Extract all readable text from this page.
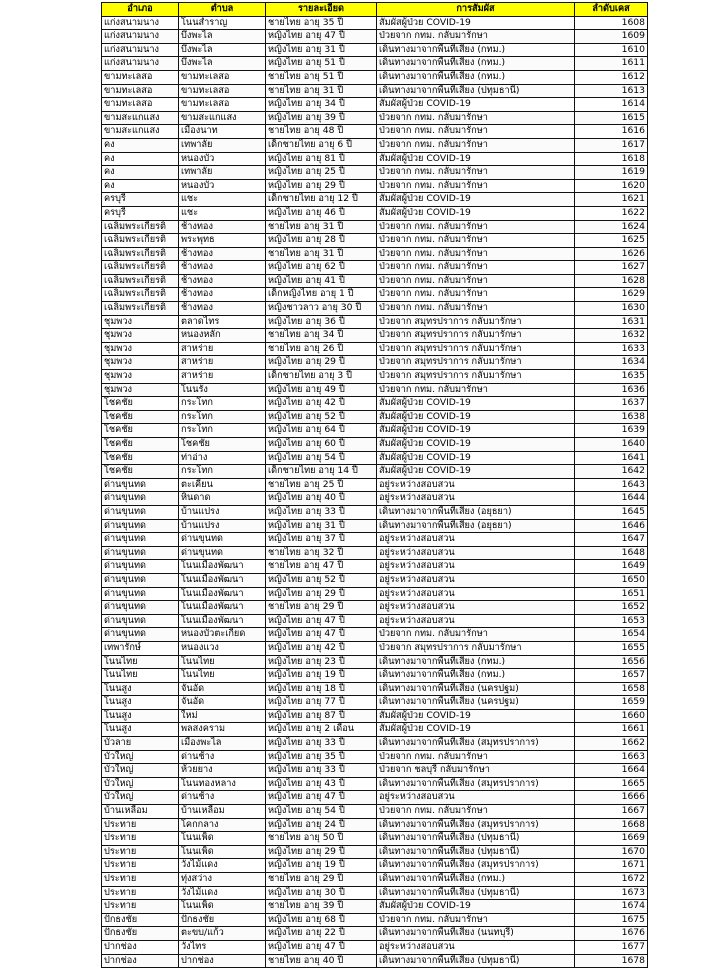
อำเภอ	ตำบล	รายละเอียด	การสัมผัส	ลำดับเคส
แก่งสนามนาง	โนนสำราญ	ชายไทย อายุ 35 ปี	สัมผัสผู้ป่วย COVID-19	1608
แก่งสนามนาง	บึงพะไล	หญิงไทย อายุ 47 ปี	ป่วยจาก กทม. กลับมารักษา	1609
แก่งสนามนาง	บึงพะไล	หญิงไทย อายุ 31 ปี	เดินทางมาจากพื้นที่เสี่ยง (กทม.)	1610
แก่งสนามนาง	บึงพะไล	หญิงไทย อายุ 51 ปี	เดินทางมาจากพื้นที่เสี่ยง (กทม.)	1611
ขามทะเลสอ	ขามทะเลสอ	ชายไทย อายุ 51 ปี	เดินทางมาจากพื้นที่เสี่ยง (กทม.)	1612
ขามทะเลสอ	ขามทะเลสอ	ชายไทย อายุ 31 ปี	เดินทางมาจากพื้นที่เสี่ยง (ปทุมธานี)	1613
ขามทะเลสอ	ขามทะเลสอ	หญิงไทย อายุ 34 ปี	สัมผัสผู้ป่วย COVID-19	1614
ขามสะแกแสง	ขามสะแกแสง	หญิงไทย อายุ 39 ปี	ป่วยจาก กทม. กลับมารักษา	1615
ขามสะแกแสง	เมืองนาท	ชายไทย อายุ 48 ปี	ป่วยจาก กทม. กลับมารักษา	1616
คง	เทพาลัย	เด็กชายไทย อายุ 6 ปี	ป่วยจาก กทม. กลับมารักษา	1617
คง	หนองบัว	หญิงไทย อายุ 81 ปี	สัมผัสผู้ป่วย COVID-19	1618
คง	เทพาลัย	หญิงไทย อายุ 25 ปี	ป่วยจาก กทม. กลับมารักษา	1619
คง	หนองบัว	หญิงไทย อายุ 29 ปี	ป่วยจาก กทม. กลับมารักษา	1620
ครบุรี	แชะ	เด็กชายไทย อายุ 12 ปี	สัมผัสผู้ป่วย COVID-19	1621
ครบุรี	แชะ	หญิงไทย อายุ 46 ปี	สัมผัสผู้ป่วย COVID-19	1622
เฉลิมพระเกียรติ	ช้างทอง	ชายไทย อายุ 31 ปี	ป่วยจาก กทม. กลับมารักษา	1624
เฉลิมพระเกียรติ	พระพุทธ	หญิงไทย อายุ 28 ปี	ป่วยจาก กทม. กลับมารักษา	1625
เฉลิมพระเกียรติ	ช้างทอง	ชายไทย อายุ 31 ปี	ป่วยจาก กทม. กลับมารักษา	1626
เฉลิมพระเกียรติ	ช้างทอง	หญิงไทย อายุ 62 ปี	ป่วยจาก กทม. กลับมารักษา	1627
เฉลิมพระเกียรติ	ช้างทอง	หญิงไทย อายุ 41 ปี	ป่วยจาก กทม. กลับมารักษา	1628
เฉลิมพระเกียรติ	ช้างทอง	เด็กหญิงไทย อายุ 1 ปี	ป่วยจาก กทม. กลับมารักษา	1629
เฉลิมพระเกียรติ	ช้างทอง	หญิงชาวลาว อายุ 30 ปี	ป่วยจาก กทม. กลับมารักษา	1630
ชุมพวง	ตลาดไทร	หญิงไทย อายุ 36 ปี	ป่วยจาก สมุทรปราการ กลับมารักษา	1631
ชุมพวง	หนองหลัก	ชายไทย อายุ 34 ปี	ป่วยจาก สมุทรปราการ กลับมารักษา	1632
ชุมพวง	สาหร่าย	ชายไทย อายุ 26 ปี	ป่วยจาก สมุทรปราการ กลับมารักษา	1633
ชุมพวง	สาหร่าย	หญิงไทย อายุ 29 ปี	ป่วยจาก สมุทรปราการ กลับมารักษา	1634
ชุมพวง	สาหร่าย	เด็กชายไทย อายุ 3 ปี	ป่วยจาก สมุทรปราการ กลับมารักษา	1635
ชุมพวง	โนนรัง	หญิงไทย อายุ 49 ปี	ป่วยจาก กทม. กลับมารักษา	1636
โชคชัย	กระโทก	หญิงไทย อายุ 42 ปี	สัมผัสผู้ป่วย COVID-19	1637
โชคชัย	กระโทก	หญิงไทย อายุ 52 ปี	สัมผัสผู้ป่วย COVID-19	1638
โชคชัย	กระโทก	หญิงไทย อายุ 64 ปี	สัมผัสผู้ป่วย COVID-19	1639
โชคชัย	โชคชัย	หญิงไทย อายุ 60 ปี	สัมผัสผู้ป่วย COVID-19	1640
โชคชัย	ท่าอ่าง	หญิงไทย อายุ 54 ปี	สัมผัสผู้ป่วย COVID-19	1641
โชคชัย	กระโทก	เด็กชายไทย อายุ 14 ปี	สัมผัสผู้ป่วย COVID-19	1642
ด่านขุนทด	ตะเคียน	ชายไทย อายุ 25 ปี	อยู่ระหว่างสอบสวน	1643
ด่านขุนทด	หินดาด	หญิงไทย อายุ 40 ปี	อยู่ระหว่างสอบสวน	1644
ด่านขุนทด	บ้านแปรง	หญิงไทย อายุ 33 ปี	เดินทางมาจากพื้นที่เสี่ยง (อยุธยา)	1645
ด่านขุนทด	บ้านแปรง	หญิงไทย อายุ 31 ปี	เดินทางมาจากพื้นที่เสี่ยง (อยุธยา)	1646
ด่านขุนทด	ด่านขุนทด	หญิงไทย อายุ 37 ปี	อยู่ระหว่างสอบสวน	1647
ด่านขุนทด	ด่านขุนทด	ชายไทย อายุ 32 ปี	อยู่ระหว่างสอบสวน	1648
ด่านขุนทด	โนนเมืองพัฒนา	ชายไทย อายุ 47 ปี	อยู่ระหว่างสอบสวน	1649
ด่านขุนทด	โนนเมืองพัฒนา	หญิงไทย อายุ 52 ปี	อยู่ระหว่างสอบสวน	1650
ด่านขุนทด	โนนเมืองพัฒนา	หญิงไทย อายุ 29 ปี	อยู่ระหว่างสอบสวน	1651
ด่านขุนทด	โนนเมืองพัฒนา	ชายไทย อายุ 29 ปี	อยู่ระหว่างสอบสวน	1652
ด่านขุนทด	โนนเมืองพัฒนา	หญิงไทย อายุ 47 ปี	อยู่ระหว่างสอบสวน	1653
ด่านขุนทด	หนองบัวตะเกียด	หญิงไทย อายุ 47 ปี	ป่วยจาก กทม. กลับมารักษา	1654
เทพารักษ์	หนองแวง	หญิงไทย อายุ 42 ปี	ป่วยจาก สมุทรปราการ กลับมารักษา	1655
โนนไทย	โนนไทย	หญิงไทย อายุ 23 ปี	เดินทางมาจากพื้นที่เสี่ยง (กทม.)	1656
โนนไทย	โนนไทย	หญิงไทย อายุ 19 ปี	เดินทางมาจากพื้นที่เสี่ยง (กทม.)	1657
โนนสูง	จันอัด	หญิงไทย อายุ 18 ปี	เดินทางมาจากพื้นที่เสี่ยง (นครปฐม)	1658
โนนสูง	จันอัด	หญิงไทย อายุ 77 ปี	เดินทางมาจากพื้นที่เสี่ยง (นครปฐม)	1659
โนนสูง	ใหม่	หญิงไทย อายุ 87 ปี	สัมผัสผู้ป่วย COVID-19	1660
โนนสูง	พลสงคราม	หญิงไทย อายุ 2 เดือน	สัมผัสผู้ป่วย COVID-19	1661
บัวลาย	เมืองพะไล	หญิงไทย อายุ 33 ปี	เดินทางมาจากพื้นที่เสี่ยง (สมุทรปราการ)	1662
บัวใหญ่	ด่านช้าง	หญิงไทย อายุ 35 ปี	ป่วยจาก กทม. กลับมารักษา	1663
บัวใหญ่	ห้วยยาง	หญิงไทย อายุ 33 ปี	ป่วยจาก ชลบุรี กลับมารักษา	1664
บัวใหญ่	โนนทองหลาง	หญิงไทย อายุ 43 ปี	เดินทางมาจากพื้นที่เสี่ยง (สมุทรปราการ)	1665
บัวใหญ่	ด่านช้าง	หญิงไทย อายุ 47 ปี	อยู่ระหว่างสอบสวน	1666
บ้านเหลื่อม	บ้านเหลื่อม	หญิงไทย อายุ 54 ปี	ป่วยจาก กทม. กลับมารักษา	1667
ประทาย	โคกกลาง	หญิงไทย อายุ 24 ปี	เดินทางมาจากพื้นที่เสี่ยง (สมุทรปราการ)	1668
ประทาย	โนนเพ็ด	ชายไทย อายุ 50 ปี	เดินทางมาจากพื้นที่เสี่ยง (ปทุมธานี)	1669
ประทาย	โนนเพ็ด	หญิงไทย อายุ 29 ปี	เดินทางมาจากพื้นที่เสี่ยง (ปทุมธานี)	1670
ประทาย	วังไม้แดง	หญิงไทย อายุ 19 ปี	เดินทางมาจากพื้นที่เสี่ยง (สมุทรปราการ)	1671
ประทาย	ทุ่งสว่าง	ชายไทย อายุ 29 ปี	เดินทางมาจากพื้นที่เสี่ยง (กทม.)	1672
ประทาย	วังไม้แดง	หญิงไทย อายุ 30 ปี	เดินทางมาจากพื้นที่เสี่ยง (ปทุมธานี)	1673
ประทาย	โนนเพ็ด	ชายไทย อายุ 39 ปี	สัมผัสผู้ป่วย COVID-19	1674
ปักธงชัย	ปักธงชัย	หญิงไทย อายุ 68 ปี	ป่วยจาก กทม. กลับมารักษา	1675
ปักธงชัย	ตะขบ/แก้ว	หญิงไทย อายุ 22 ปี	เดินทางมาจากพื้นที่เสี่ยง (นนทบุรี)	1676
ปากช่อง	วังไทร	หญิงไทย อายุ 47 ปี	อยู่ระหว่างสอบสวน	1677
ปากช่อง	ปากช่อง	ชายไทย อายุ 40 ปี	เดินทางมาจากพื้นที่เสี่ยง (ปทุมธานี)	1678
